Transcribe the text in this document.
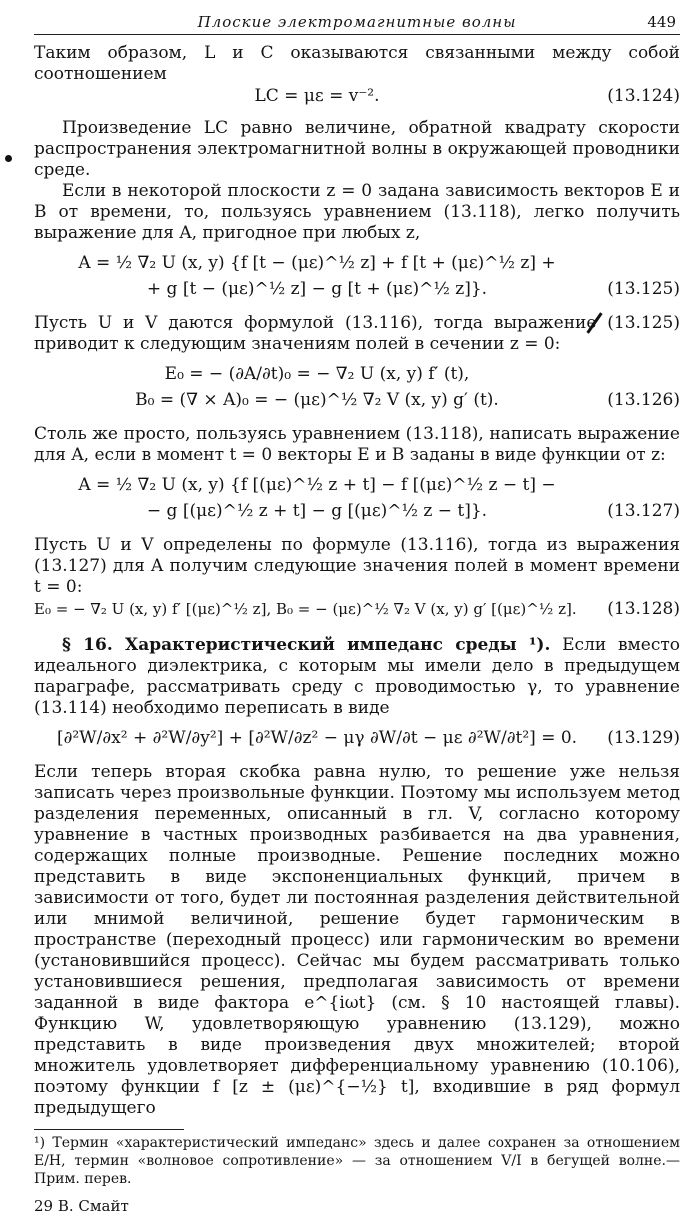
Плоские электромагнитные волны	449

Таким образом, L и C оказываются связанными между собой соотношением

LC = με = v⁻².	(13.124)

Произведение LC равно величине, обратной квадрату скорости распространения электромагнитной волны в окружающей проводники среде.

Если в некоторой плоскости z = 0 задана зависимость векторов E и B от времени, то, пользуясь уравнением (13.118), легко получить выражение для A, пригодное при любых z,

A = ½ ∇₂ U (x, y) {f [t − (με)^½ z] + f [t + (με)^½ z] +
+ g [t − (με)^½ z] − g [t + (με)^½ z]}.	(13.125)

Пусть U и V даются формулой (13.116), тогда выражение (13.125) приводит к следующим значениям полей в сечении z = 0:

E₀ = − (∂A/∂t)₀ = − ∇₂ U (x, y) f′ (t),
B₀ = (∇ × A)₀ = − (με)^½ ∇₂ V (x, y) g′ (t).	(13.126)

Столь же просто, пользуясь уравнением (13.118), написать выражение для A, если в момент t = 0 векторы E и B заданы в виде функции от z:

A = ½ ∇₂ U (x, y) {f [(με)^½ z + t] − f [(με)^½ z − t] −
− g [(με)^½ z + t] − g [(με)^½ z − t]}.	(13.127)

Пусть U и V определены по формуле (13.116), тогда из выражения (13.127) для A получим следующие значения полей в момент времени t = 0:

E₀ = − ∇₂ U (x, y) f′ [(με)^½ z], B₀ = − (με)^½ ∇₂ V (x, y) g′ [(με)^½ z].	(13.128)

§ 16. Характеристический импеданс среды ¹). Если вместо идеального диэлектрика, с которым мы имели дело в предыдущем параграфе, рассматривать среду с проводимостью γ, то уравнение (13.114) необходимо переписать в виде

[∂²W/∂x² + ∂²W/∂y²] + [∂²W/∂z² − μγ ∂W/∂t − με ∂²W/∂t²] = 0.	(13.129)

Если теперь вторая скобка равна нулю, то решение уже нельзя записать через произвольные функции. Поэтому мы используем метод разделения переменных, описанный в гл. V, согласно которому уравнение в частных производных разбивается на два уравнения, содержащих полные производные. Решение последних можно представить в виде экспоненциальных функций, причем в зависимости от того, будет ли постоянная разделения действительной или мнимой величиной, решение будет гармоническим в пространстве (переходный процесс) или гармоническим во времени (установившийся процесс). Сейчас мы будем рассматривать только установившиеся решения, предполагая зависимость от времени заданной в виде фактора e^{iωt} (см. § 10 настоящей главы). Функцию W, удовлетворяющую уравнению (13.129), можно представить в виде произведения двух множителей; второй множитель удовлетворяет дифференциальному уравнению (10.106), поэтому функции f [z ± (με)^{−½} t], входившие в ряд формул предыдущего

¹) Термин «характеристический импеданс» здесь и далее сохранен за отношением E/H, термин «волновое сопротивление» — за отношением V/I в бегущей волне.— Прим. перев.

29 В. Смайт
